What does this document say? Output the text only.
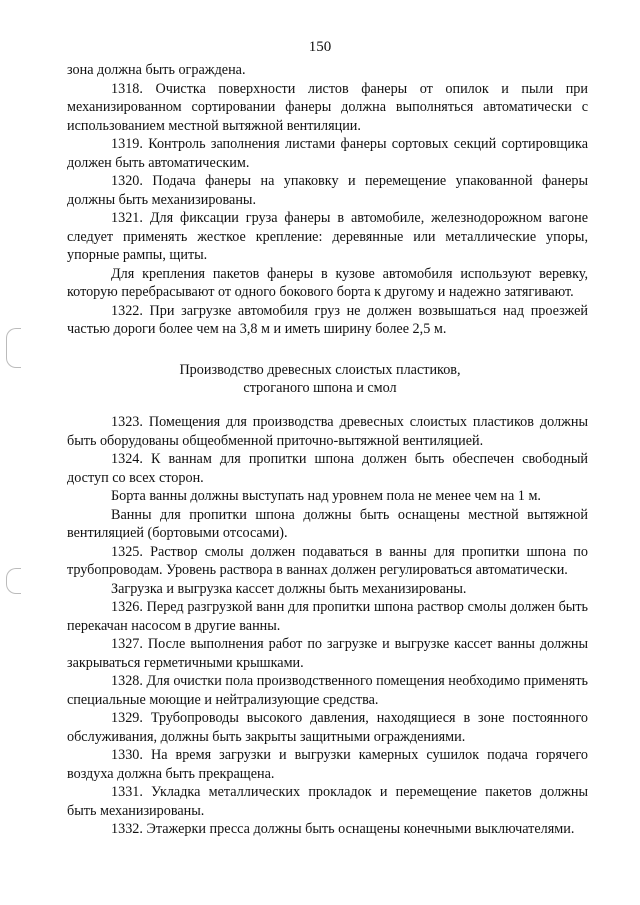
150

зона должна быть ограждена.

1318. Очистка поверхности листов фанеры от опилок и пыли при механизированном сортировании фанеры должна выполняться автоматически с использованием местной вытяжной вентиляции.

1319. Контроль заполнения листами фанеры сортовых секций сортировщика должен быть автоматическим.

1320. Подача фанеры на упаковку и перемещение упакованной фанеры должны быть механизированы.

1321. Для фиксации груза фанеры в автомобиле, железнодорожном вагоне следует применять жесткое крепление: деревянные или металлические упоры, упорные рампы, щиты.

Для крепления пакетов фанеры в кузове автомобиля используют веревку, которую перебрасывают от одного бокового борта к другому и надежно затягивают.

1322. При загрузке автомобиля груз не должен возвышаться над проезжей частью дороги более чем на 3,8 м и иметь ширину более 2,5 м.

Производство древесных слоистых пластиков,

строганого шпона и смол

1323. Помещения для производства древесных слоистых пластиков должны быть оборудованы общеобменной приточно-вытяжной вентиляцией.

1324. К ваннам для пропитки шпона должен быть обеспечен свободный доступ со всех сторон.

Борта ванны должны выступать над уровнем пола не менее чем на 1 м.

Ванны для пропитки шпона должны быть оснащены местной вытяжной вентиляцией (бортовыми отсосами).

1325. Раствор смолы должен подаваться в ванны для пропитки шпона по трубопроводам. Уровень раствора в ваннах должен регулироваться автоматически.

Загрузка и выгрузка кассет должны быть механизированы.

1326. Перед разгрузкой ванн для пропитки шпона раствор смолы должен быть перекачан насосом в другие ванны.

1327. После выполнения работ по загрузке и выгрузке кассет ванны должны закрываться герметичными крышками.

1328. Для очистки пола производственного помещения необходимо применять специальные моющие и нейтрализующие средства.

1329. Трубопроводы высокого давления, находящиеся в зоне постоянного обслуживания, должны быть закрыты защитными ограждениями.

1330. На время загрузки и выгрузки камерных сушилок подача горячего воздуха должна быть прекращена.

1331. Укладка металлических прокладок и перемещение пакетов должны быть механизированы.

1332. Этажерки пресса должны быть оснащены конечными выключателями.
